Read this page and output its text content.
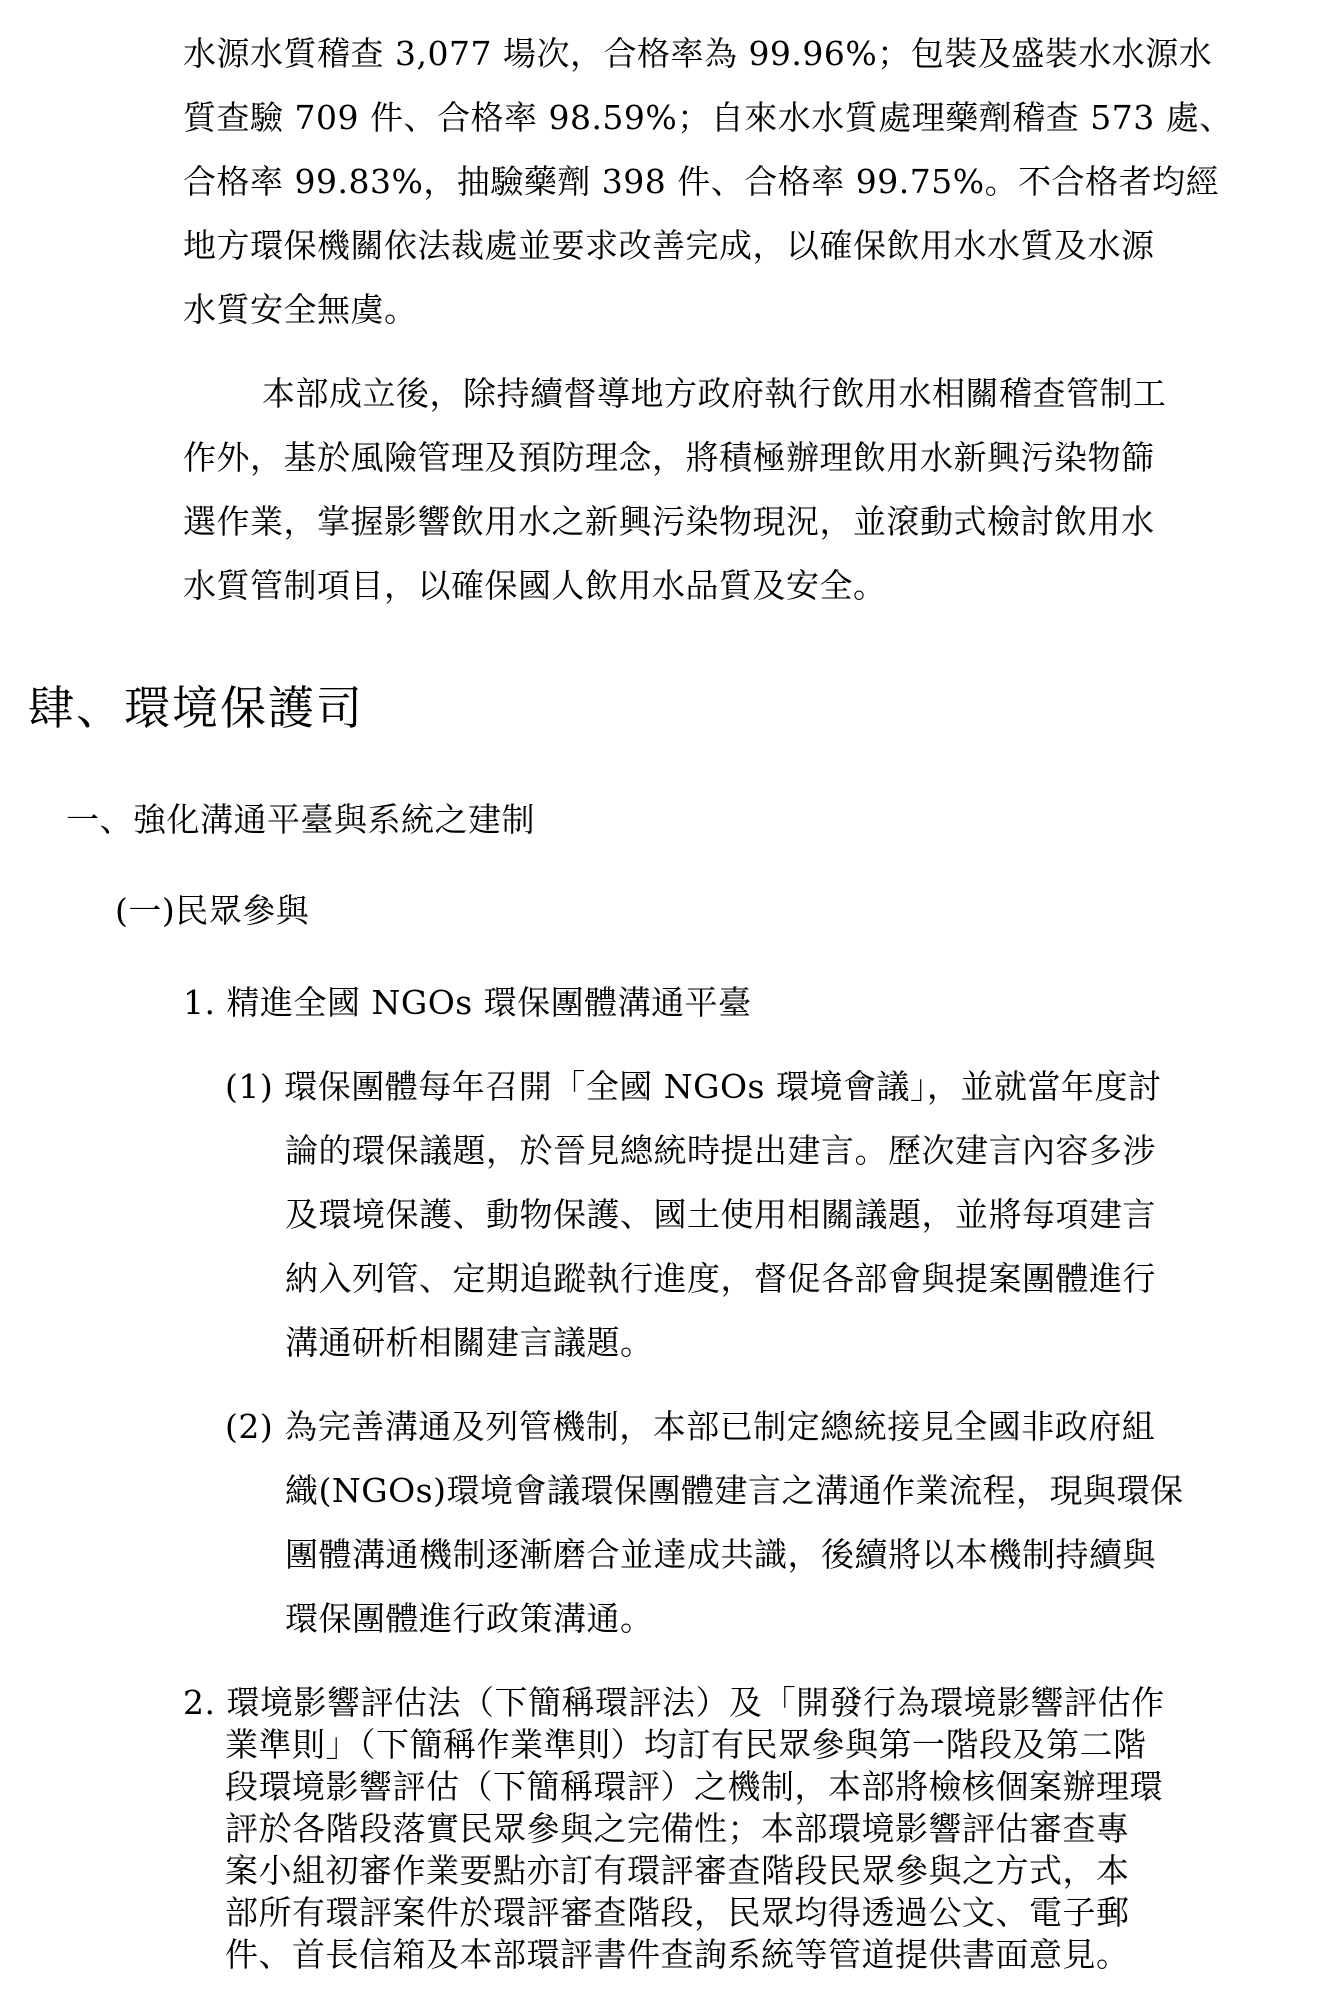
水源水質稽查 3,077 場次，合格率為 99.96%；包裝及盛裝水水源水
質查驗 709 件、合格率 98.59%；自來水水質處理藥劑稽查 573 處、
合格率 99.83%，抽驗藥劑 398 件、合格率 99.75%。不合格者均經
地方環保機關依法裁處並要求改善完成，以確保飲用水水質及水源
水質安全無虞。
本部成立後，除持續督導地方政府執行飲用水相關稽查管制工
作外，基於風險管理及預防理念，將積極辦理飲用水新興污染物篩
選作業，掌握影響飲用水之新興污染物現況，並滾動式檢討飲用水
水質管制項目，以確保國人飲用水品質及安全。
肆、環境保護司
一、強化溝通平臺與系統之建制
(一)民眾參與
1. 精進全國 NGOs 環保團體溝通平臺
(1) 環保團體每年召開「全國 NGOs 環境會議」，並就當年度討
論的環保議題，於晉見總統時提出建言。歷次建言內容多涉
及環境保護、動物保護、國土使用相關議題，並將每項建言
納入列管、定期追蹤執行進度，督促各部會與提案團體進行
溝通研析相關建言議題。
(2) 為完善溝通及列管機制，本部已制定總統接見全國非政府組
織(NGOs)環境會議環保團體建言之溝通作業流程，現與環保
團體溝通機制逐漸磨合並達成共識，後續將以本機制持續與
環保團體進行政策溝通。
2. 環境影響評估法（下簡稱環評法）及「開發行為環境影響評估作
業準則」（下簡稱作業準則）均訂有民眾參與第一階段及第二階
段環境影響評估（下簡稱環評）之機制，本部將檢核個案辦理環
評於各階段落實民眾參與之完備性；本部環境影響評估審查專
案小組初審作業要點亦訂有環評審查階段民眾參與之方式，本
部所有環評案件於環評審查階段，民眾均得透過公文、電子郵
件、首長信箱及本部環評書件查詢系統等管道提供書面意見。
